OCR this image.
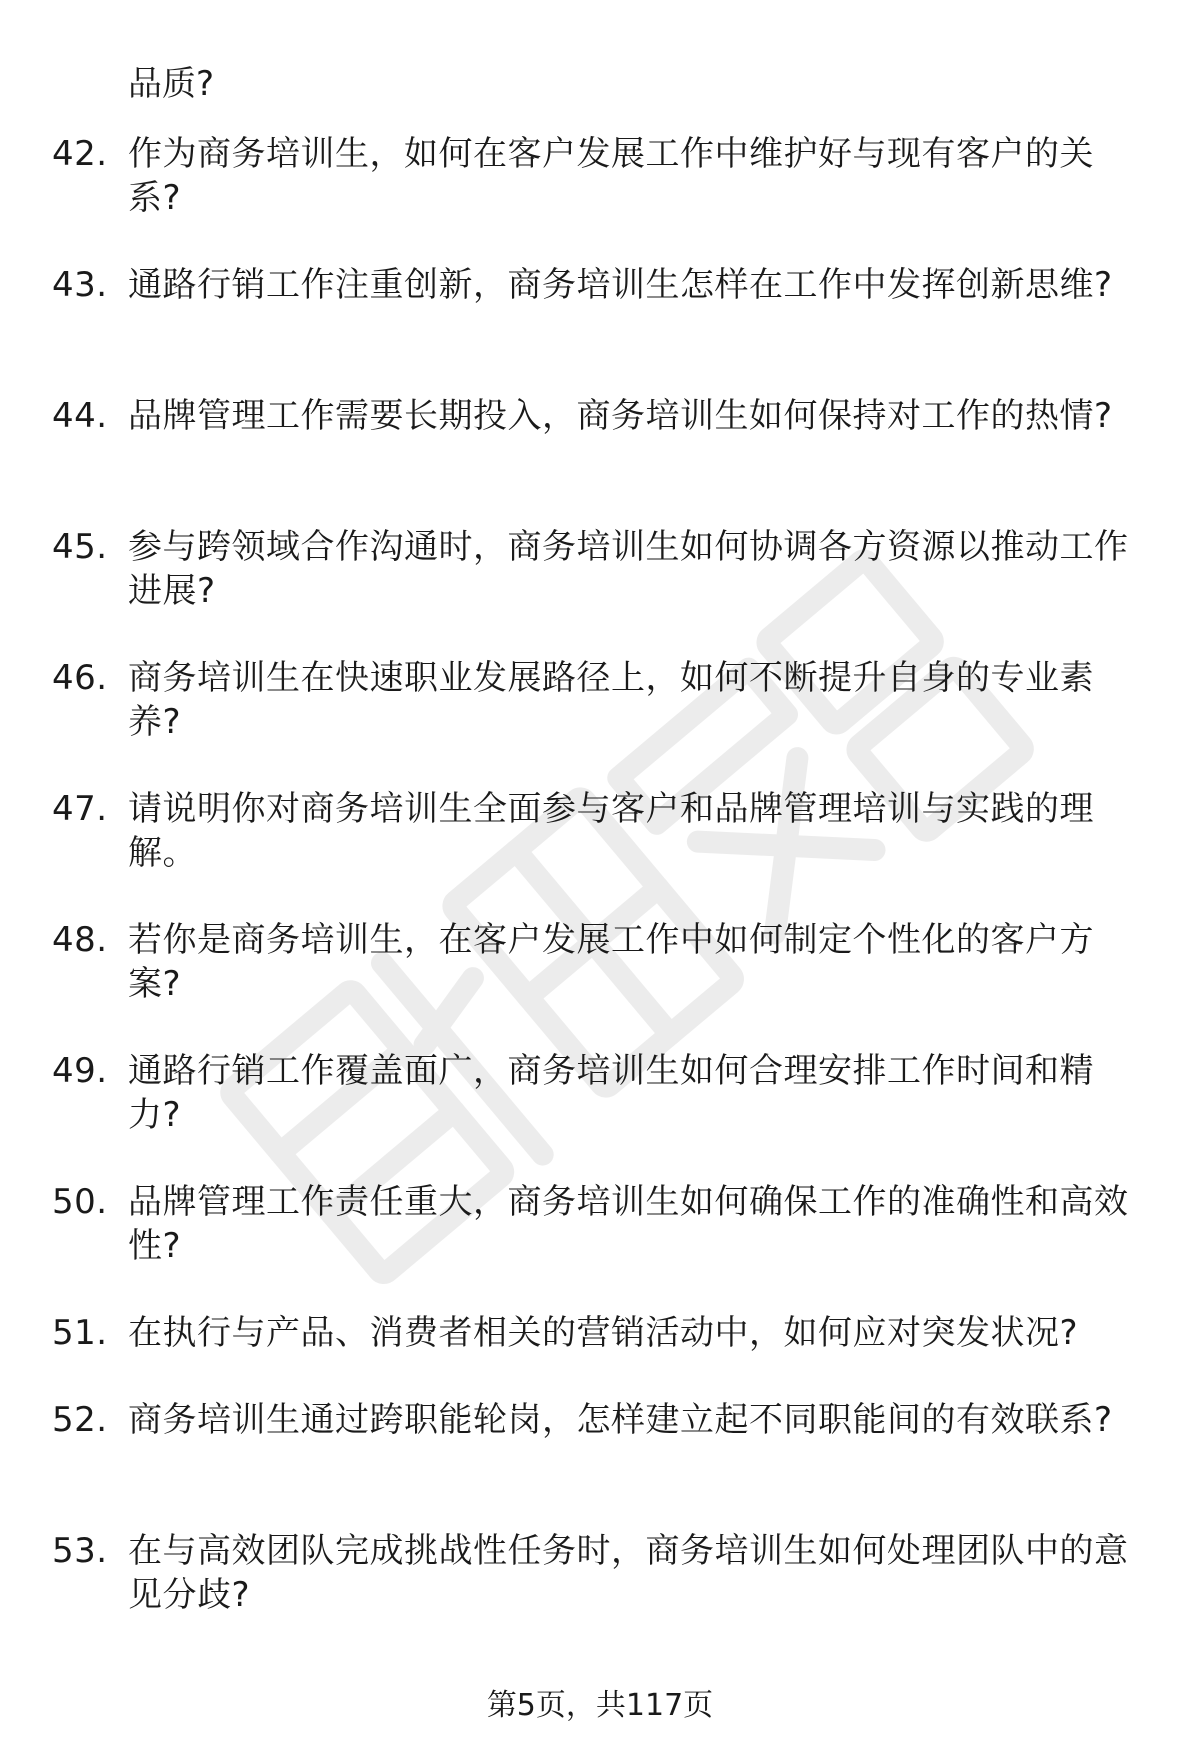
品质?

42. 作为商务培训生，如何在客户发展工作中维护好与现有客户的关系?
43. 通路行销工作注重创新，商务培训生怎样在工作中发挥创新思维?
44. 品牌管理工作需要长期投入，商务培训生如何保持对工作的热情?
45. 参与跨领域合作沟通时，商务培训生如何协调各方资源以推动工作进展?
46. 商务培训生在快速职业发展路径上，如何不断提升自身的专业素养?
47. 请说明你对商务培训生全面参与客户和品牌管理培训与实践的理解。
48. 若你是商务培训生，在客户发展工作中如何制定个性化的客户方案?
49. 通路行销工作覆盖面广，商务培训生如何合理安排工作时间和精力?
50. 品牌管理工作责任重大，商务培训生如何确保工作的准确性和高效性?
51. 在执行与产品、消费者相关的营销活动中，如何应对突发状况?
52. 商务培训生通过跨职能轮岗，怎样建立起不同职能间的有效联系?
53. 在与高效团队完成挑战性任务时，商务培训生如何处理团队中的意见分歧?
第5页，共117页
